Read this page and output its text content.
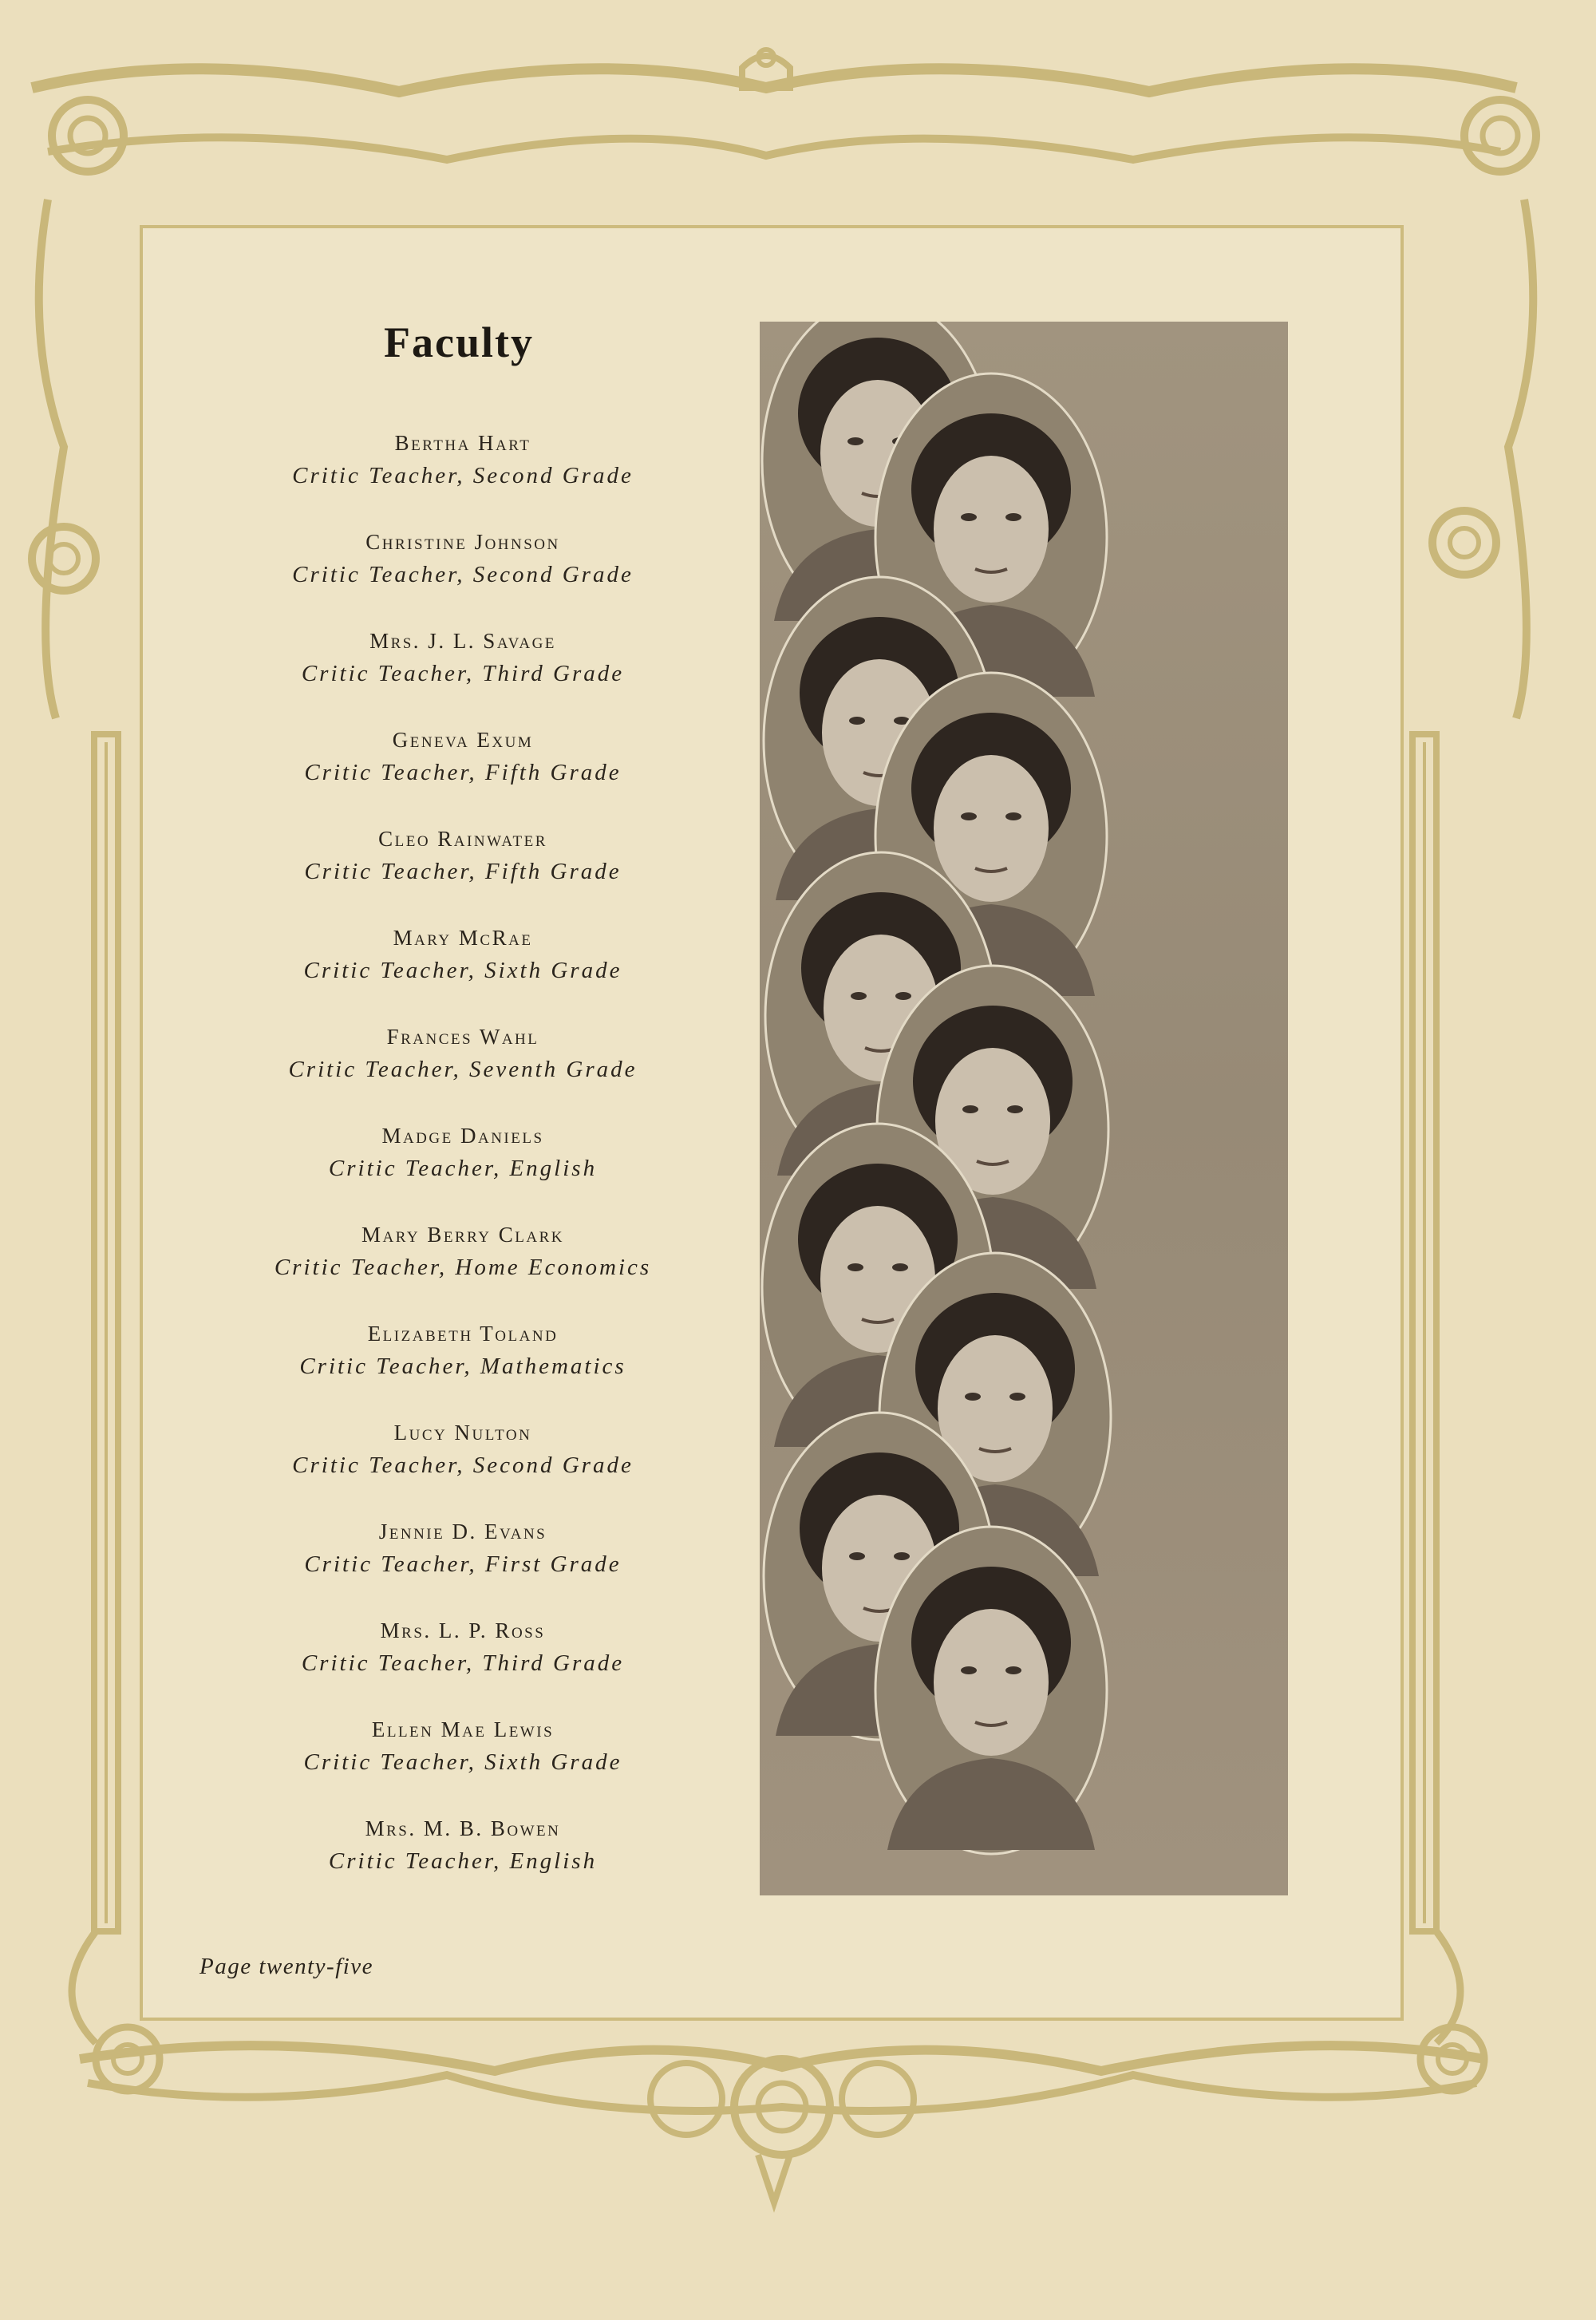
Faculty
Bertha Hart
Critic Teacher, Second Grade
Christine Johnson
Critic Teacher, Second Grade
Mrs. J. L. Savage
Critic Teacher, Third Grade
Geneva Exum
Critic Teacher, Fifth Grade
Cleo Rainwater
Critic Teacher, Fifth Grade
Mary McRae
Critic Teacher, Sixth Grade
Frances Wahl
Critic Teacher, Seventh Grade
Madge Daniels
Critic Teacher, English
Mary Berry Clark
Critic Teacher, Home Economics
Elizabeth Toland
Critic Teacher, Mathematics
Lucy Nulton
Critic Teacher, Second Grade
Jennie D. Evans
Critic Teacher, First Grade
Mrs. L. P. Ross
Critic Teacher, Third Grade
Ellen Mae Lewis
Critic Teacher, Sixth Grade
Mrs. M. B. Bowen
Critic Teacher, English
Page twenty-five
